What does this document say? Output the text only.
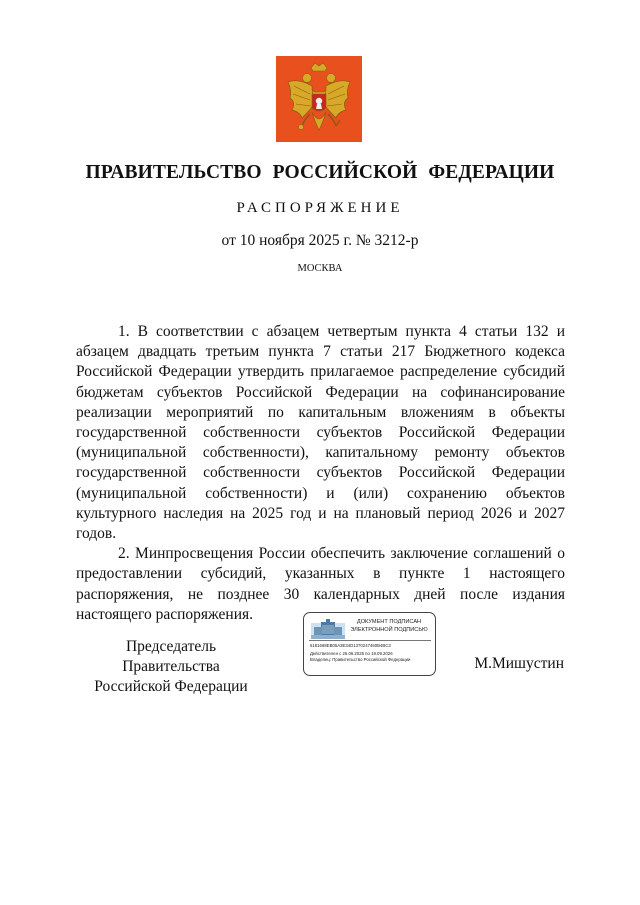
ПРАВИТЕЛЬСТВО РОССИЙСКОЙ ФЕДЕРАЦИИ
РАСПОРЯЖЕНИЕ
от 10 ноября 2025 г. № 3212-р
МОСКВА

1. В соответствии с абзацем четвертым пункта 4 статьи 132 и абзацем двадцать третьим пункта 7 статьи 217 Бюджетного кодекса Российской Федерации утвердить прилагаемое распределение субсидий бюджетам субъектов Российской Федерации на софинансирование реализации мероприятий по капитальным вложениям в объекты государственной собственности субъектов Российской Федерации (муниципальной собственности), капитальному ремонту объектов государственной собственности субъектов Российской Федерации (муниципальной собственности) и (или) сохранению объектов культурного наследия на 2025 год и на плановый период 2026 и 2027 годов.

2. Минпросвещения России обеспечить заключение соглашений о предоставлении субсидий, указанных в пункте 1 настоящего распоряжения, не позднее 30 календарных дней после издания настоящего распоряжения.

Председатель Правительства
Российской Федерации
ДОКУМЕНТ ПОДПИСАН
ЭЛЕКТРОННОЙ ПОДПИСЬЮ
5181688EB05A3E34D1370247460B4BC3
Действителен с 26.06.2025 по 19.09.2026
Владелец: Правительство Российской Федерации	М.Мишустин
